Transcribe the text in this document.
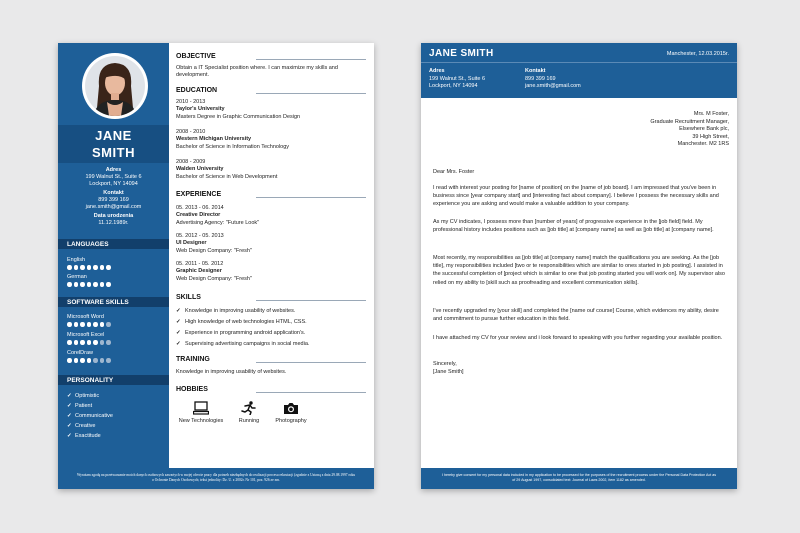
JANE
SMITH
Adres
199 Walnut St., Suite 6
Lockport, NY 14094
Kontakt
899 399 169
jane.smith@gmail.com
Data urodzenia
11.12.1989r.
LANGUAGES
English
German
SOFTWARE SKILLS
Microsoft Word
Microsoft Excel
CorelDraw
PERSONALITY
✓ Optimistic
✓ Patient
✓ Communicative
✓ Creative
✓ Exactitude
OBJECTIVE
Obtain a IT Specialist position where. I can maximize my skills and development.
EDUCATION
2010 - 2013
Taylor's University
Masters Degree in Graphic Communication Design
2008 - 2010
Western Michigan University
Bachelor of Science in Information Technology
2008 - 2009
Walden University
Bachelor of Science in Web Development
EXPERIENCE
05. 2013 - 06. 2014
Creative Director
Advertising Agency: "Future Look"
05. 2012 - 05. 2013
UI Designer
Web Design Company: "Fresh"
05. 2011 - 05. 2012
Graphic Designer
Web Design Company: "Fresh"
SKILLS
✓ Knowledge in improving usability of websites.
✓ High knowledge of web technologies HTML, CSS.
✓ Experience in programming android application's.
✓ Supervising advertising campaigns in social media.
TRAINING
Knowledge in improving usability of websites.
HOBBIES
New Technologies	Running	Photography
Wyrażam zgodę na przetwarzanie moich danych osobowych zawartych w mojej ofercie pracy dla potrzeb niezbędnych do realizacji procesu rekrutacji (zgodnie z Ustawą z dnia 29.08.1997 roku o Ochronie Danych Osobowych; tekst jednolity: Dz. U. z 2002r. Nr 101, poz. 926 ze zm.
JANE SMITH	Manchester, 12.03.2015r.
Adres
199 Walnut St., Suite 6
Lockport, NY 14094
Kontakt
899 399 169
jane.smith@gmail.com
Mrs. M Foster,
Graduate Recruitment Manager,
Elsewhere Bank plc,
39 High Street,
Manchester. M2 1RS
Dear Mrs. Foster
I read with interest your posting for [name of position] on the [name of job board]. I am impressed that you've been in business since [year company start] and [interesting fact about company]. I believe I possess the necessary skills and experience you are asking and would make a valuable addition to your company.
As my CV indicates, I possess more than [number of years] of progressive experience in the [job field] field. My professional history includes positions such as [job title] at [company name] as well as [job title] at [company name].
Most recently, my responsibilities as [job title] at [company name] match the qualifications you are seeking. As the [job title], my responsibilities included [two or te responsibilities which are similar to ones started in job posting]. I assisted in the successful completion of [project which is similar to one that job posting started you will work on]. My supervisor also relied on my ability to [skill such as proofreading and excellent communication skills].
I've recently upgraded my [your skill] and completed the [name ouf course] Course, which evidences my ability, desire and commitment to pursue further education in this field.
I have attached my CV for your review and i look forward to speaking with you further regarding your available position.
Sincerely,
[Jane Smith]
I hereby give consent for my personal data included in my application to be processed for the purposes of the recruitment process under the Personal Data Protection Act as of 29 August 1997, consolidated text: Journal of Laws 2002, item 1182 as amended.
